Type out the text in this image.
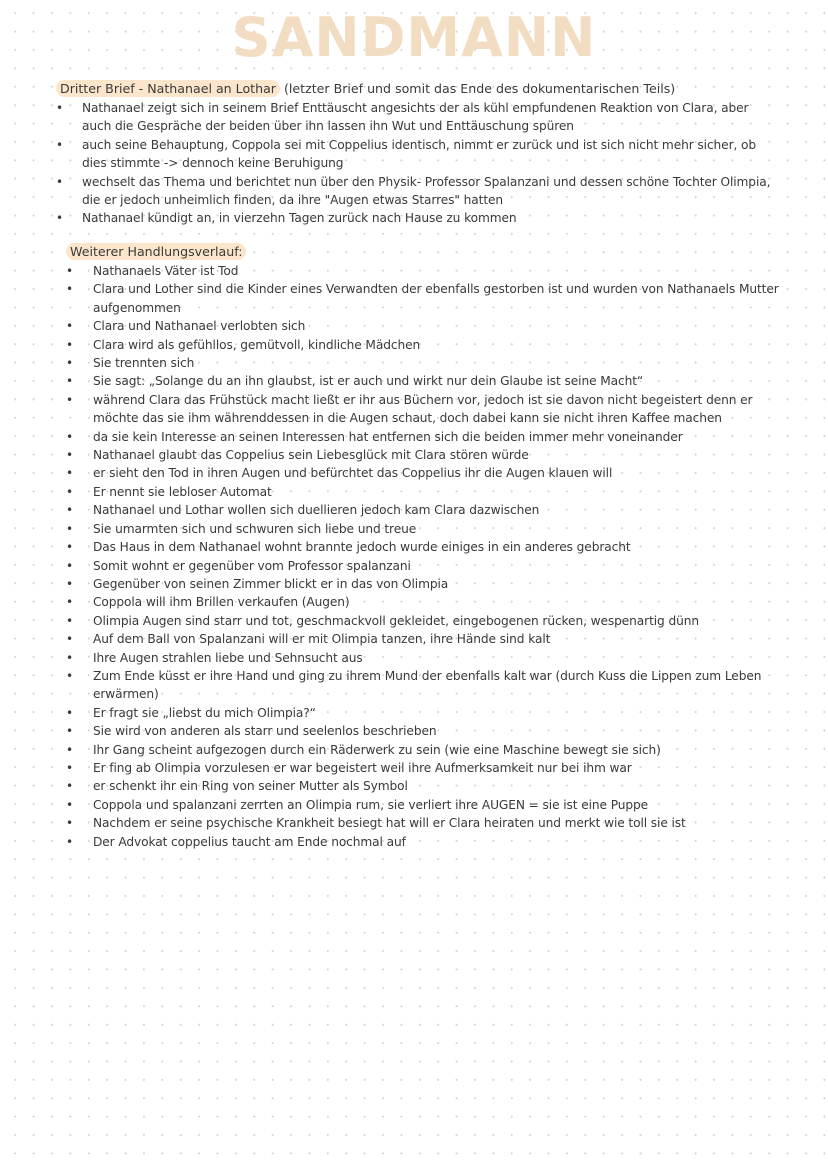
SANDMANN
Dritter Brief - Nathanael an Lothar (letzter Brief und somit das Ende des dokumentarischen Teils)
• Nathanael zeigt sich in seinem Brief Enttäuscht angesichts der als kühl empfundenen Reaktion von Clara, aber auch die Gespräche der beiden über ihn lassen ihn Wut und Enttäuschung spüren
• auch seine Behauptung, Coppola sei mit Coppelius identisch, nimmt er zurück und ist sich nicht mehr sicher, ob dies stimmte -> dennoch keine Beruhigung
• wechselt das Thema und berichtet nun über den Physik- Professor Spalanzani und dessen schöne Tochter Olimpia, die er jedoch unheimlich finden, da ihre "Augen etwas Starres" hatten
• Nathanael kündigt an, in vierzehn Tagen zurück nach Hause zu kommen
Weiterer Handlungsverlauf:
• Nathanaels Väter ist Tod
• Clara und Lother sind die Kinder eines Verwandten der ebenfalls gestorben ist und wurden von Nathanaels Mutter aufgenommen
• Clara und Nathanael verlobten sich
• Clara wird als gefühllos, gemütvoll, kindliche Mädchen
• Sie trennten sich
• Sie sagt: „Solange du an ihn glaubst, ist er auch und wirkt nur dein Glaube ist seine Macht“
• während Clara das Frühstück macht ließt er ihr aus Büchern vor, jedoch ist sie davon nicht begeistert denn er möchte das sie ihm währenddessen in die Augen schaut, doch dabei kann sie nicht ihren Kaffee machen
• da sie kein Interesse an seinen Interessen hat entfernen sich die beiden immer mehr voneinander
• Nathanael glaubt das Coppelius sein Liebesglück mit Clara stören würde
• er sieht den Tod in ihren Augen und befürchtet das Coppelius ihr die Augen klauen will
• Er nennt sie lebloser Automat
• Nathanael und Lothar wollen sich duellieren jedoch kam Clara dazwischen
• Sie umarmten sich und schwuren sich liebe und treue
• Das Haus in dem Nathanael wohnt brannte jedoch wurde einiges in ein anderes gebracht
• Somit wohnt er gegenüber vom Professor spalanzani
• Gegenüber von seinen Zimmer blickt er in das von Olimpia
• Coppola will ihm Brillen verkaufen (Augen)
• Olimpia Augen sind starr und tot, geschmackvoll gekleidet, eingebogenen rücken, wespenartig dünn
• Auf dem Ball von Spalanzani will er mit Olimpia tanzen, ihre Hände sind kalt
• Ihre Augen strahlen liebe und Sehnsucht aus
• Zum Ende küsst er ihre Hand und ging zu ihrem Mund der ebenfalls kalt war (durch Kuss die Lippen zum Leben erwärmen)
• Er fragt sie „liebst du mich Olimpia?“
• Sie wird von anderen als starr und seelenlos beschrieben
• Ihr Gang scheint aufgezogen durch ein Räderwerk zu sein (wie eine Maschine bewegt sie sich)
• Er fing ab Olimpia vorzulesen er war begeistert weil ihre Aufmerksamkeit nur bei ihm war
• er schenkt ihr ein Ring von seiner Mutter als Symbol
• Coppola und spalanzani zerrten an Olimpia rum, sie verliert ihre AUGEN = sie ist eine Puppe
• Nachdem er seine psychische Krankheit besiegt hat will er Clara heiraten und merkt wie toll sie ist
• Der Advokat coppelius taucht am Ende nochmal auf
